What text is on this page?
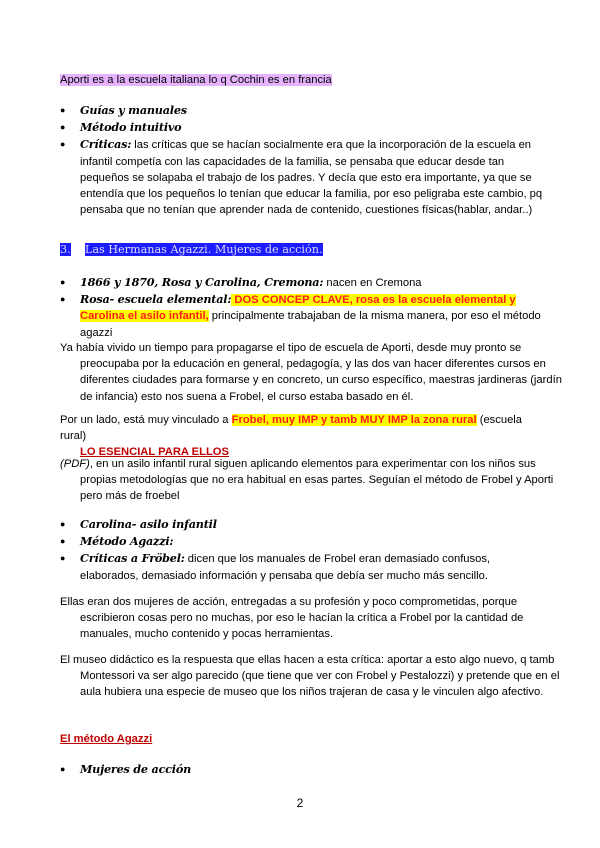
Aporti es a la escuela italiana lo q Cochin es en francia
● Guías y manuales
● Método intuitivo
● Críticas: las críticas que se hacían socialmente era que la incorporación de la escuela en infantil competía con las capacidades de la familia, se pensaba que educar desde tan pequeños se solapaba el trabajo de los padres. Y decía que esto era importante, ya que se entendía que los pequeños lo tenían que educar la familia, por eso peligraba este cambio, pq pensaba que no tenían que aprender nada de contenido, cuestiones físicas(hablar, andar..)
3. Las Hermanas Agazzi. Mujeres de acción.
● 1866 y 1870, Rosa y Carolina, Cremona: nacen en Cremona
● Rosa- escuela elemental: DOS CONCEP CLAVE, rosa es la escuela elemental y Carolina el asilo infantil, principalmente trabajaban de la misma manera, por eso el método agazzi
Ya había vivido un tiempo para propagarse el tipo de escuela de Aporti, desde muy pronto se preocupaba por la educación en general, pedagogía, y las dos van hacer diferentes cursos en diferentes ciudades para formarse y en concreto, un curso específico, maestras jardineras (jardín de infancia) esto nos suena a Frobel, el curso estaba basado en él.
Por un lado, está muy vinculado a Frobel, muy IMP y tamb MUY IMP la zona rural (escuela rural)
LO ESENCIAL PARA ELLOS
(PDF), en un asilo infantil rural siguen aplicando elementos para experimentar con los niños sus propias metodologías que no era habitual en esas partes. Seguían el método de Frobel y Aporti pero más de froebel
● Carolina- asilo infantil
● Método Agazzi:
● Críticas a Fröbel: dicen que los manuales de Frobel eran demasiado confusos, elaborados, demasiado información y pensaba que debía ser mucho más sencillo.
Ellas eran dos mujeres de acción, entregadas a su profesión y poco comprometidas, porque escribieron cosas pero no muchas, por eso le hacían la crítica a Frobel por la cantidad de manuales, mucho contenido y pocas herramientas.
El museo didáctico es la respuesta que ellas hacen a esta crítica: aportar a esto algo nuevo, q tamb Montessori va ser algo parecido (que tiene que ver con Frobel y Pestalozzi) y pretende que en el aula hubiera una especie de museo que los niños trajeran de casa y le vinculen algo afectivo.
El método Agazzi
● Mujeres de acción
2
